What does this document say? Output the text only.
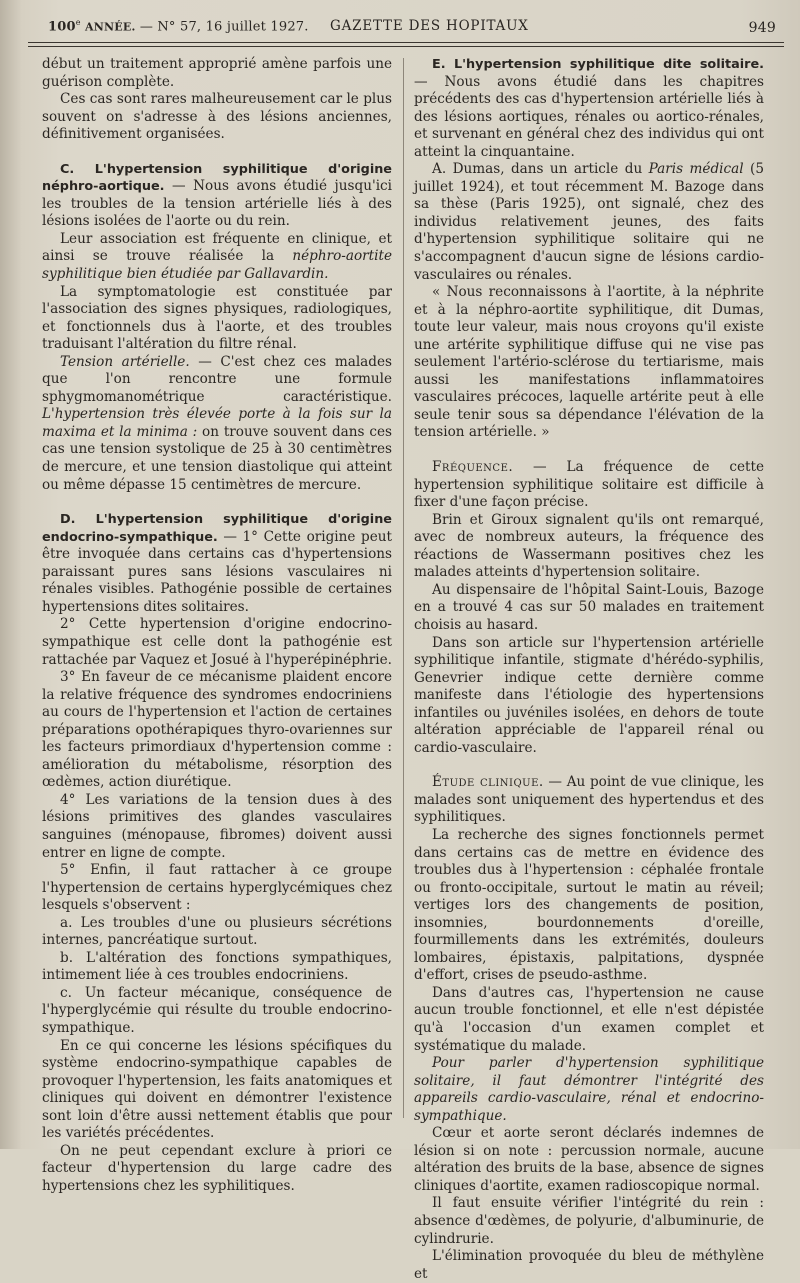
100e ANNÉE. — N° 57, 16 juillet 1927. GAZETTE DES HOPITAUX	949

début un traitement approprié amène parfois une guérison complète.

Ces cas sont rares malheureusement car le plus souvent on s'adresse à des lésions anciennes, définitivement organisées.

C. L'hypertension syphilitique d'origine néphro-aortique. — Nous avons étudié jusqu'ici les troubles de la tension artérielle liés à des lésions isolées de l'aorte ou du rein.

Leur association est fréquente en clinique, et ainsi se trouve réalisée la néphro-aortite syphilitique bien étudiée par Gallavardin.

La symptomatologie est constituée par l'association des signes physiques, radiologiques, et fonctionnels dus à l'aorte, et des troubles traduisant l'altération du filtre rénal.

Tension artérielle. — C'est chez ces malades que l'on rencontre une formule sphygmomanométrique caractéristique. L'hypertension très élevée porte à la fois sur la maxima et la minima : on trouve souvent dans ces cas une tension systolique de 25 à 30 centimètres de mercure, et une tension diastolique qui atteint ou même dépasse 15 centimètres de mercure.

D. L'hypertension syphilitique d'origine endocrino-sympathique. — 1° Cette origine peut être invoquée dans certains cas d'hypertensions paraissant pures sans lésions vasculaires ni rénales visibles. Pathogénie possible de certaines hypertensions dites solitaires.

2° Cette hypertension d'origine endocrino-sympathique est celle dont la pathogénie est rattachée par Vaquez et Josué à l'hyperépinéphrie.

3° En faveur de ce mécanisme plaident encore la relative fréquence des syndromes endocriniens au cours de l'hypertension et l'action de certaines préparations opothérapiques thyro-ovariennes sur les facteurs primordiaux d'hypertension comme : amélioration du métabolisme, résorption des œdèmes, action diurétique.

4° Les variations de la tension dues à des lésions primitives des glandes vasculaires sanguines (ménopause, fibromes) doivent aussi entrer en ligne de compte.

5° Enfin, il faut rattacher à ce groupe l'hypertension de certains hyperglycémiques chez lesquels s'observent :

a. Les troubles d'une ou plusieurs sécrétions internes, pancréatique surtout.

b. L'altération des fonctions sympathiques, intimement liée à ces troubles endocriniens.

c. Un facteur mécanique, conséquence de l'hyperglycémie qui résulte du trouble endocrino-sympathique.

En ce qui concerne les lésions spécifiques du système endocrino-sympathique capables de provoquer l'hypertension, les faits anatomiques et cliniques qui doivent en démontrer l'existence sont loin d'être aussi nettement établis que pour les variétés précédentes.

On ne peut cependant exclure à priori ce facteur d'hypertension du large cadre des hypertensions chez les syphilitiques.

E. L'hypertension syphilitique dite solitaire. — Nous avons étudié dans les chapitres précédents des cas d'hypertension artérielle liés à des lésions aortiques, rénales ou aortico-rénales, et survenant en général chez des individus qui ont atteint la cinquantaine.

A. Dumas, dans un article du Paris médical (5 juillet 1924), et tout récemment M. Bazoge dans sa thèse (Paris 1925), ont signalé, chez des individus relativement jeunes, des faits d'hypertension syphilitique solitaire qui ne s'accompagnent d'aucun signe de lésions cardio-vasculaires ou rénales.

« Nous reconnaissons à l'aortite, à la néphrite et à la néphro-aortite syphilitique, dit Dumas, toute leur valeur, mais nous croyons qu'il existe une artérite syphilitique diffuse qui ne vise pas seulement l'artério-sclérose du tertiarisme, mais aussi les manifestations inflammatoires vasculaires précoces, laquelle artérite peut à elle seule tenir sous sa dépendance l'élévation de la tension artérielle. »

Fréquence. — La fréquence de cette hypertension syphilitique solitaire est difficile à fixer d'une façon précise.

Brin et Giroux signalent qu'ils ont remarqué, avec de nombreux auteurs, la fréquence des réactions de Wassermann positives chez les malades atteints d'hypertension solitaire.

Au dispensaire de l'hôpital Saint-Louis, Bazoge en a trouvé 4 cas sur 50 malades en traitement choisis au hasard.

Dans son article sur l'hypertension artérielle syphilitique infantile, stigmate d'hérédo-syphilis, Genevrier indique cette dernière comme manifeste dans l'étiologie des hypertensions infantiles ou juvéniles isolées, en dehors de toute altération appréciable de l'appareil rénal ou cardio-vasculaire.

Étude clinique. — Au point de vue clinique, les malades sont uniquement des hypertendus et des syphilitiques.

La recherche des signes fonctionnels permet dans certains cas de mettre en évidence des troubles dus à l'hypertension : céphalée frontale ou fronto-occipitale, surtout le matin au réveil; vertiges lors des changements de position, insomnies, bourdonnements d'oreille, fourmillements dans les extrémités, douleurs lombaires, épistaxis, palpitations, dyspnée d'effort, crises de pseudo-asthme.

Dans d'autres cas, l'hypertension ne cause aucun trouble fonctionnel, et elle n'est dépistée qu'à l'occasion d'un examen complet et systématique du malade.

Pour parler d'hypertension syphilitique solitaire, il faut démontrer l'intégrité des appareils cardio-vasculaire, rénal et endocrino-sympathique.

Cœur et aorte seront déclarés indemnes de lésion si on note : percussion normale, aucune altération des bruits de la base, absence de signes cliniques d'aortite, examen radioscopique normal.

Il faut ensuite vérifier l'intégrité du rein : absence d'œdèmes, de polyurie, d'albuminurie, de cylindrurie.

L'élimination provoquée du bleu de méthylène et
